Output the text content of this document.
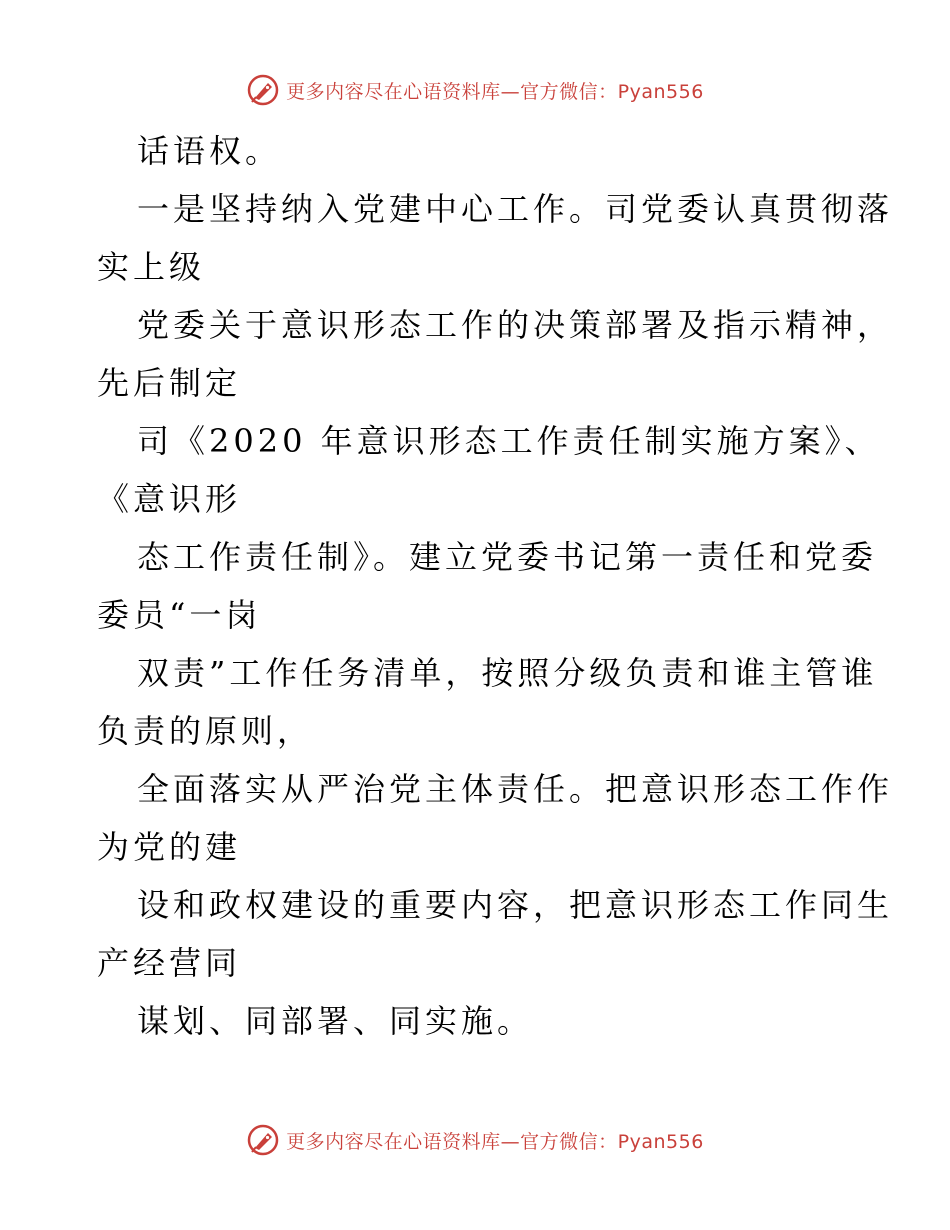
更多内容尽在心语资料库—官方微信：Pyan556
话语权。
一是坚持纳入党建中心工作。司党委认真贯彻落
实上级
党委关于意识形态工作的决策部署及指示精神，
先后制定
司《2020 年意识形态工作责任制实施方案》、
《意识形
态工作责任制》。建立党委书记第一责任和党委
委员“一岗
双责”工作任务清单，按照分级负责和谁主管谁
负责的原则，
全面落实从严治党主体责任。把意识形态工作作
为党的建
设和政权建设的重要内容，把意识形态工作同生
产经营同
谋划、同部署、同实施。
更多内容尽在心语资料库—官方微信：Pyan556
